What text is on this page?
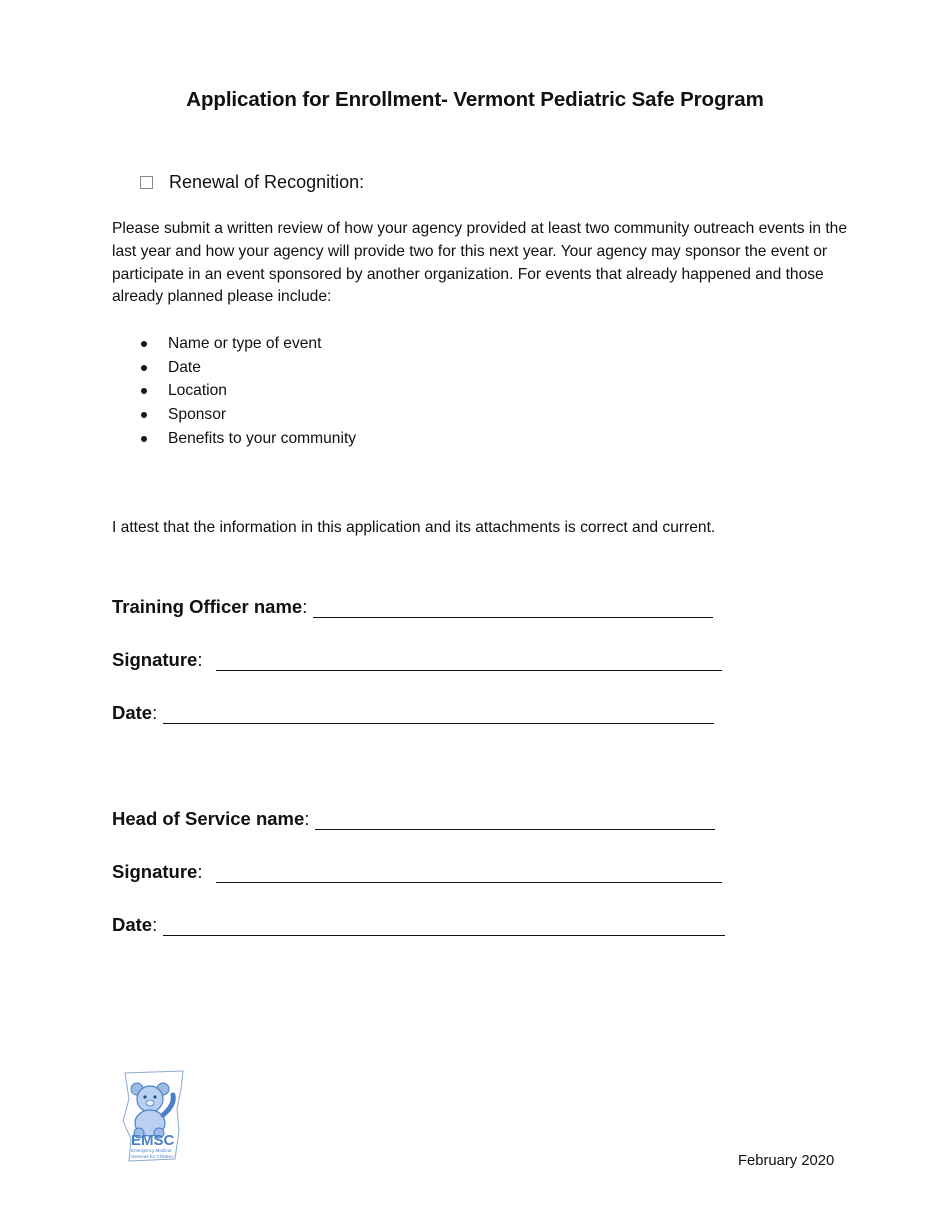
Application for Enrollment- Vermont Pediatric Safe Program
Renewal of Recognition:
Please submit a written review of how your agency provided at least two community outreach events in the last year and how your agency will provide two for this next year. Your agency may sponsor the event or participate in an event sponsored by another organization. For events that already happened and those already planned please include:
Name or type of event
Date
Location
Sponsor
Benefits to your community
I attest that the information in this application and its attachments is correct and current.
Training Officer name :
Signature :
Date :
Head of Service name :
Signature :
Date :
EMSC
Emergency Medical
Services for Children	February 2020
